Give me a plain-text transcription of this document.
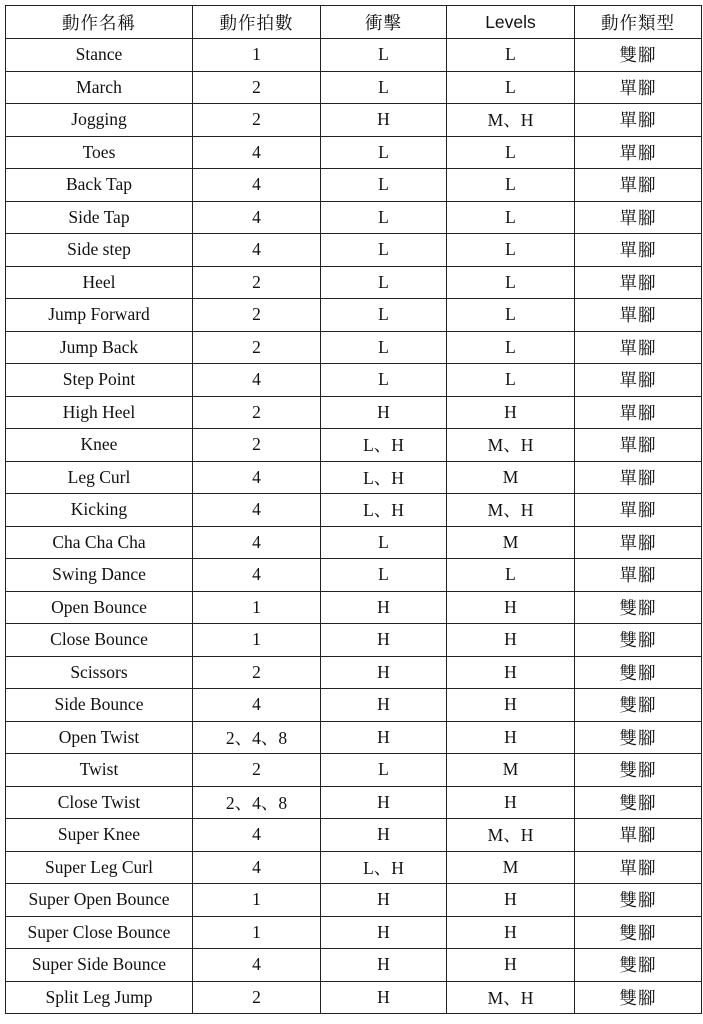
動作名稱	動作拍數	衝擊	Levels	動作類型
Stance	1	L	L	雙腳
March	2	L	L	單腳
Jogging	2	H	M、H	單腳
Toes	4	L	L	單腳
Back Tap	4	L	L	單腳
Side Tap	4	L	L	單腳
Side step	4	L	L	單腳
Heel	2	L	L	單腳
Jump Forward	2	L	L	單腳
Jump Back	2	L	L	單腳
Step Point	4	L	L	單腳
High Heel	2	H	H	單腳
Knee	2	L、H	M、H	單腳
Leg Curl	4	L、H	M	單腳
Kicking	4	L、H	M、H	單腳
Cha Cha Cha	4	L	M	單腳
Swing Dance	4	L	L	單腳
Open Bounce	1	H	H	雙腳
Close Bounce	1	H	H	雙腳
Scissors	2	H	H	雙腳
Side Bounce	4	H	H	雙腳
Open Twist	2、4、8	H	H	雙腳
Twist	2	L	M	雙腳
Close Twist	2、4、8	H	H	雙腳
Super Knee	4	H	M、H	單腳
Super Leg Curl	4	L、H	M	單腳
Super Open Bounce	1	H	H	雙腳
Super Close Bounce	1	H	H	雙腳
Super Side Bounce	4	H	H	雙腳
Split Leg Jump	2	H	M、H	雙腳
